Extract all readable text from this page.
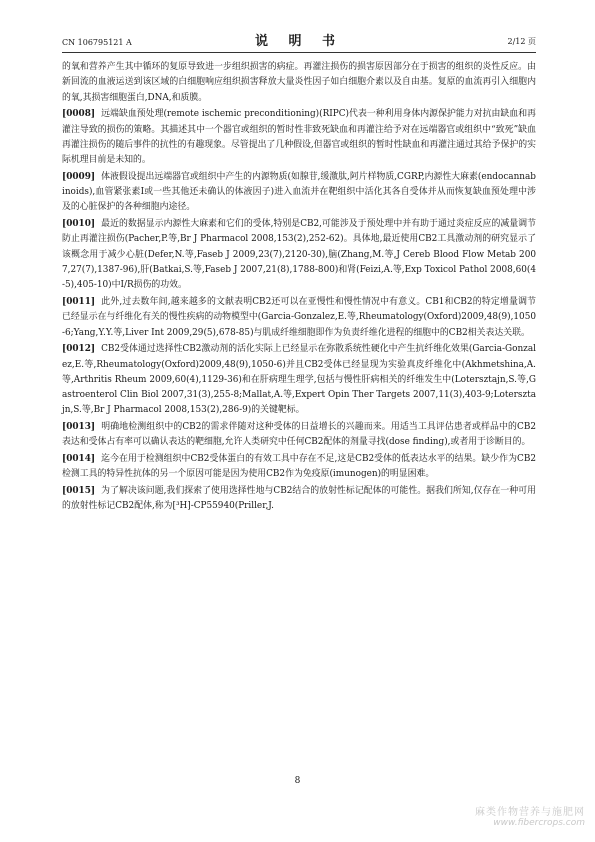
CN 106795121 A	说 明 书	2/12 页

的氧和营养产生其中循环的复原导致进一步组织损害的病症。再灌注损伤的损害原因部分在于损害的组织的炎性反应。由新回流的血液运送到该区域的白细胞响应组织损害释放大量炎性因子如白细胞介素以及自由基。复原的血流再引入细胞内的氧,其损害细胞蛋白,DNA,和质膜。

[0008] 远端缺血预处理(remote ischemic preconditioning)(RIPC)代表一种利用身体内源保护能力对抗由缺血和再灌注导致的损伤的策略。其描述其中一个器官或组织的暂时性非致死缺血和再灌注给予对在远端器官或组织中“致死”缺血再灌注损伤的随后事件的抗性的有趣现象。尽管提出了几种假设,但器官或组织的暂时性缺血和再灌注通过其给予保护的实际机理目前是未知的。

[0009] 体液假设提出远端器官或组织中产生的内源物质(如腺苷,缓激肽,阿片样物质,CGRP,内源性大麻素(endocannabinoids),血管紧张素I或一些其他还未确认的体液因子)进入血流并在靶组织中活化其各自受体并从而恢复缺血预处理中涉及的心脏保护的各种细胞内途径。

[0010] 最近的数据显示内源性大麻素和它们的受体,特别是CB2,可能涉及于预处理中并有助于通过炎症反应的减量调节防止再灌注损伤(Pacher,P.等,Br J Pharmacol 2008,153(2),252-62)。具体地,最近使用CB2工具激动剂的研究显示了该概念用于减少心脏(Defer,N.等,Faseb J 2009,23(7),2120-30),脑(Zhang,M.等,J Cereb Blood Flow Metab 2007,27(7),1387-96),肝(Batkai,S.等,Faseb J 2007,21(8),1788-800)和肾(Feizi,A.等,Exp Toxicol Pathol 2008,60(4-5),405-10)中I/R损伤的功效。

[0011] 此外,过去数年间,越来越多的文献表明CB2还可以在亚慢性和慢性情况中有意义。CB1和CB2的特定增量调节已经显示在与纤维化有关的慢性疾病的动物模型中(Garcia-Gonzalez,E.等,Rheumatology(Oxford)2009,48(9),1050-6;Yang,Y.Y.等,Liver Int 2009,29(5),678-85)与肌成纤维细胞即作为负责纤维化进程的细胞中的CB2相关表达关联。

[0012] CB2受体通过选择性CB2激动剂的活化实际上已经显示在弥散系统性硬化中产生抗纤维化效果(Garcia-Gonzalez,E.等,Rheumatology(Oxford)2009,48(9),1050-6)并且CB2受体已经显现为实验真皮纤维化中(Akhmetshina,A.等,Arthritis Rheum 2009,60(4),1129-36)和在肝病理生理学,包括与慢性肝病相关的纤维发生中(Lotersztajn,S.等,Gastroenterol Clin Biol 2007,31(3),255-8;Mallat,A.等,Expert Opin Ther Targets 2007,11(3),403-9;Lotersztajn,S.等,Br J Pharmacol 2008,153(2),286-9)的关键靶标。

[0013] 明确地检测组织中的CB2的需求伴随对这种受体的日益增长的兴趣而来。用适当工具评估患者或样品中的CB2表达和受体占有率可以确认表达的靶细胞,允许人类研究中任何CB2配体的剂量寻找(dose finding),或者用于诊断目的。

[0014] 迄今在用于检测组织中CB2受体蛋白的有效工具中存在不足,这是CB2受体的低表达水平的结果。缺少作为CB2检测工具的特异性抗体的另一个原因可能是因为使用CB2作为免疫原(imunogen)的明显困难。

[0015] 为了解决该问题,我们探索了使用选择性地与CB2结合的放射性标记配体的可能性。据我们所知,仅存在一种可用的放射性标记CB2配体,称为[³H]-CP55940(Priller,J.

8
麻类作物营养与施肥网
www.fibercrops.com
